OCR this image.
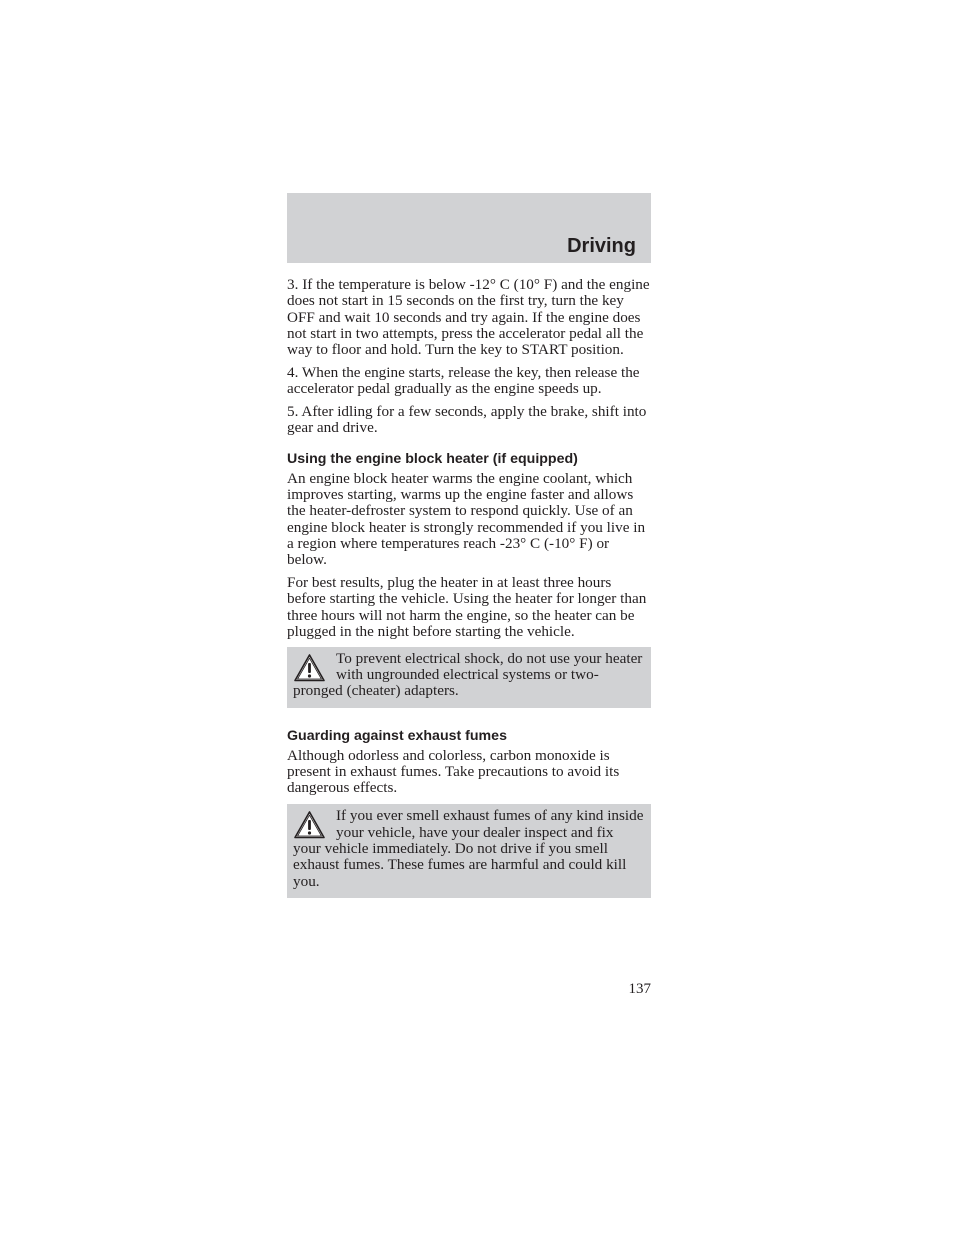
Driving

3. If the temperature is below -12° C (10° F) and the engine does not start in 15 seconds on the first try, turn the key OFF and wait 10 seconds and try again. If the engine does not start in two attempts, press the accelerator pedal all the way to floor and hold. Turn the key to START position.

4. When the engine starts, release the key, then release the accelerator pedal gradually as the engine speeds up.

5. After idling for a few seconds, apply the brake, shift into gear and drive.

Using the engine block heater (if equipped)

An engine block heater warms the engine coolant, which improves starting, warms up the engine faster and allows the heater-defroster system to respond quickly. Use of an engine block heater is strongly recommended if you live in a region where temperatures reach -23° C (-10° F) or below.

For best results, plug the heater in at least three hours before starting the vehicle. Using the heater for longer than three hours will not harm the engine, so the heater can be plugged in the night before starting the vehicle.

To prevent electrical shock, do not use your heater with ungrounded electrical systems or two-pronged (cheater) adapters.

Guarding against exhaust fumes

Although odorless and colorless, carbon monoxide is present in exhaust fumes. Take precautions to avoid its dangerous effects.

If you ever smell exhaust fumes of any kind inside your vehicle, have your dealer inspect and fix your vehicle immediately. Do not drive if you smell exhaust fumes. These fumes are harmful and could kill you.

137
